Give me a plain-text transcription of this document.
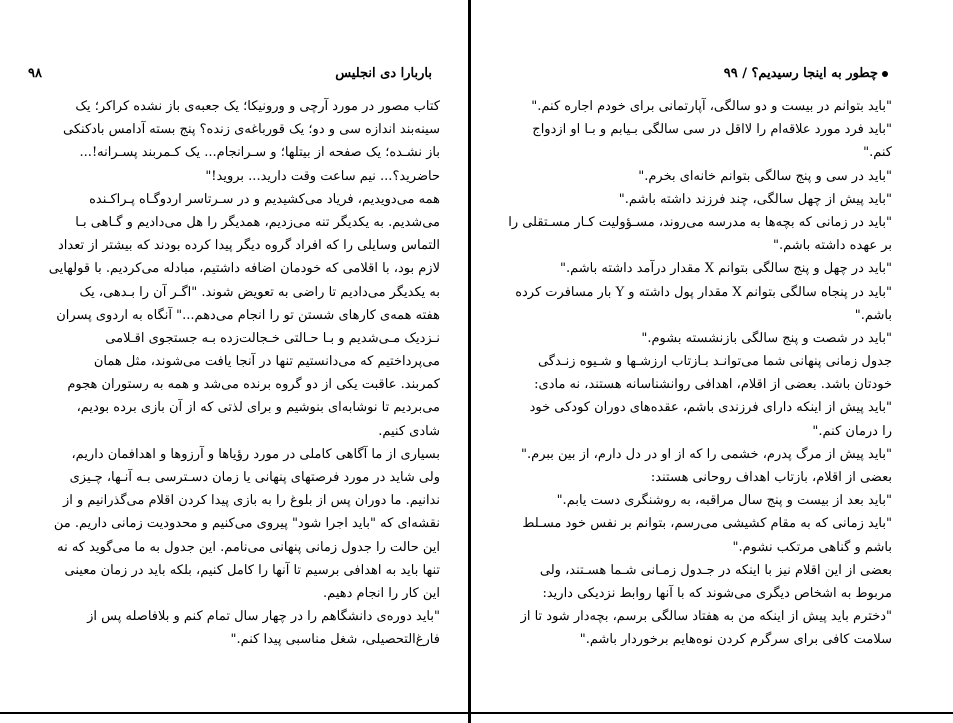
باربارا دی انجلیس
۹۸
کتاب مصور در مورد آرچی و ورونیکا؛ یک جعبه‌ی باز نشده کراکر؛ یک
سینه‌بند اندازه سی و دو؛ یک قورباغه‌ی زنده؟ پنج بسته آدامس بادکنکی
باز نشـده؛ یک صفحه از بیتلها؛ و سـرانجام... یک کـمربند پسـرانه!...
حاضرید؟... نیم ساعت وقت دارید... بروید!"
همه می‌دویدیم، فریاد می‌کشیدیم و در سـرتاسر اردوگـاه پـراکـنده
می‌شدیم. به یکدیگر تنه می‌زدیم، همدیگر را هل می‌دادیم و گـاهی بـا
التماس وسایلی را که افراد گروه دیگر پیدا کرده بودند که بیشتر از تعداد
لازم بود، با اقلامی که خودمان اضافه داشتیم، مبادله می‌کردیم. با قولهایی
به یکدیگر می‌دادیم تا راضی به تعویض شوند. "اگـر آن را بـدهی، یک
هفته همه‌ی کارهای شستن تو را انجام می‌دهم..." آنگاه به اردوی پسران
نـزدیک مـی‌شدیم و بـا حـالتی خـجالت‌زده بـه جستجوی اقـلامی
می‌پرداختیم که می‌دانستیم تنها در آنجا یافت می‌شوند، مثل همان
کمربند. عاقبت یکی از دو گروه برنده می‌شد و همه به رستوران هجوم
می‌بردیم تا نوشابه‌ای بنوشیم و برای لذتی که از آن بازی برده بودیم،
شادی کنیم.
بسیاری از ما آگاهی کاملی در مورد رؤیاها و آرزوها و اهدافمان داریم،
ولی شاید در مورد فرصتهای پنهانی یا زمان دسـترسی بـه آنـها، چـیزی
ندانیم. ما دوران پس از بلوغ را به بازی پیدا کردن اقلام می‌گذرانیم و از
نقشه‌ای که "باید اجرا شود" پیروی می‌کنیم و محدودیت زمانی داریم. من
این حالت را جدول زمانی پنهانی می‌نامم. این جدول به ما می‌گوید که نه
تنها باید به اهدافی برسیم تا آنها را کامل کنیم، بلکه باید در زمان معینی
این کار را انجام دهیم.
"باید دوره‌ی دانشگاهم را در چهار سال تمام کنم و بلافاصله پس از
فارغ‌التحصیلی، شغل مناسبی پیدا کنم."
چطور به اینجا رسیدیم؟ / ۹۹
"باید بتوانم در بیست و دو سالگی، آپارتمانی برای خودم اجاره کنم."
"باید فرد مورد علاقه‌ام را لااقل در سی سالگی بـیابم و بـا او ازدواج
کنم."
"باید در سی و پنج سالگی بتوانم خانه‌ای بخرم."
"باید پیش از چهل سالگی، چند فرزند داشته باشم."
"باید در زمانی که بچه‌ها به مدرسه می‌روند، مسـؤولیت کـار مسـتقلی را
بر عهده داشته باشم."
"باید در چهل و پنج سالگی بتوانم X مقدار درآمد داشته باشم."
"باید در پنجاه سالگی بتوانم X مقدار پول داشته و Y بار مسافرت کرده
باشم."
"باید در شصت و پنج سالگی بازنشسته بشوم."
جدول زمانی پنهانی شما می‌توانـد بـازتاب ارزشـها و شـیوه زنـدگی
خودتان باشد. بعضی از اقلام، اهدافی روانشناسانه هستند، نه مادی:
"باید پیش از اینکه دارای فرزندی باشم، عقده‌های دوران کودکی خود
را درمان کنم."
"باید پیش از مرگ پدرم، خشمی را که از او در دل دارم، از بین ببرم."
بعضی از اقلام، بازتاب اهداف روحانی هستند:
"باید بعد از بیست و پنج سال مراقبه، به روشنگری دست یابم."
"باید زمانی که به مقام کشیشی می‌رسم، بتوانم بر نفس خود مسـلط
باشم و گناهی مرتکب نشوم."
بعضی از این اقلام نیز با اینکه در جـدول زمـانی شـما هسـتند، ولی
مربوط به اشخاص دیگری می‌شوند که با آنها روابط نزدیکی دارید:
"دخترم باید پیش از اینکه من به هفتاد سالگی برسم، بچه‌دار شود تا از
سلامت کافی برای سرگرم کردن نوه‌هایم برخوردار باشم."
